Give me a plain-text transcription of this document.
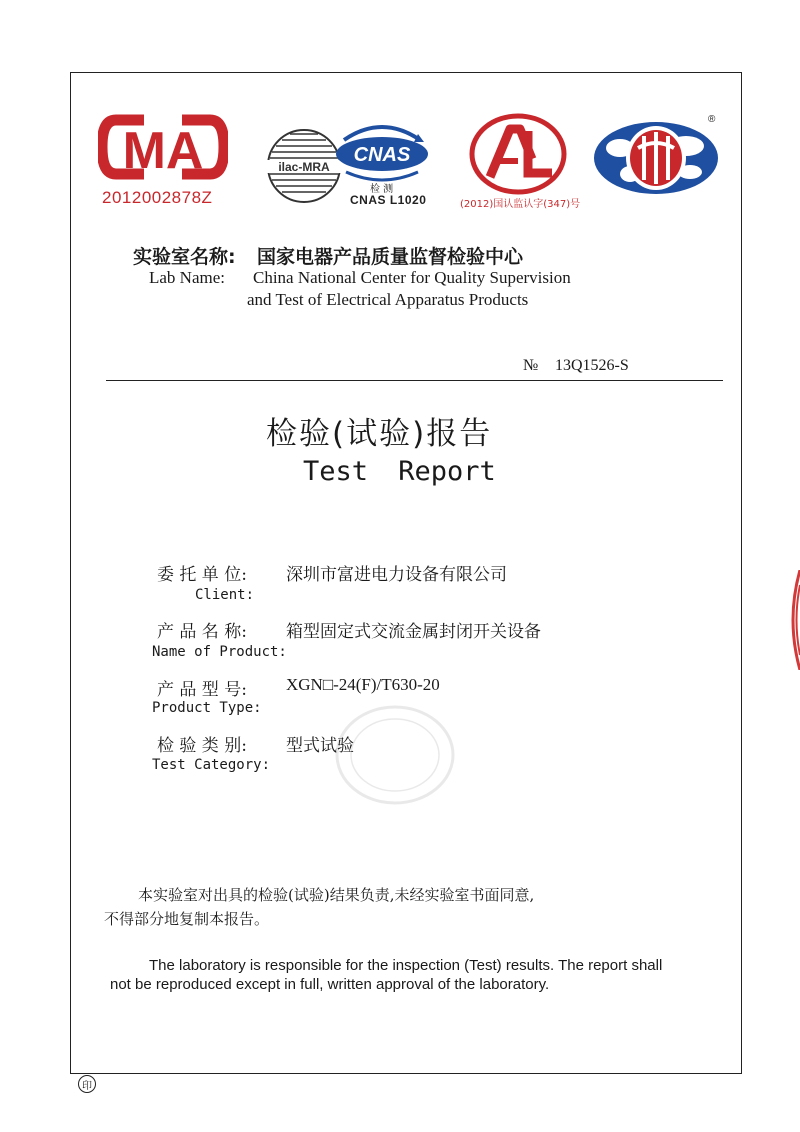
MA
2012002878Z
ilac-MRA
CNAS
检 测
CNAS L1020	(2012)国认监认字(347)号
®
实验室名称: 国家电器产品质量监督检验中心
Lab Name: China National Center for Quality Supervision
and Test of Electrical Apparatus Products
№ 13Q1526-S
检验(试验)报告
Test Report
委 托 单 位: 深圳市富进电力设备有限公司
Client:
产 品 名 称: 箱型固定式交流金属封闭开关设备
Name of Product:
产 品 型 号: XGN□-24(F)/T630-20
Product Type:
检 验 类 别: 型式试验
Test Category:
本实验室对出具的检验(试验)结果负责,未经实验室书面同意,
不得部分地复制本报告。
The laboratory is responsible for the inspection (Test) results. The report shall
not be reproduced except in full, written approval of the laboratory.
印
